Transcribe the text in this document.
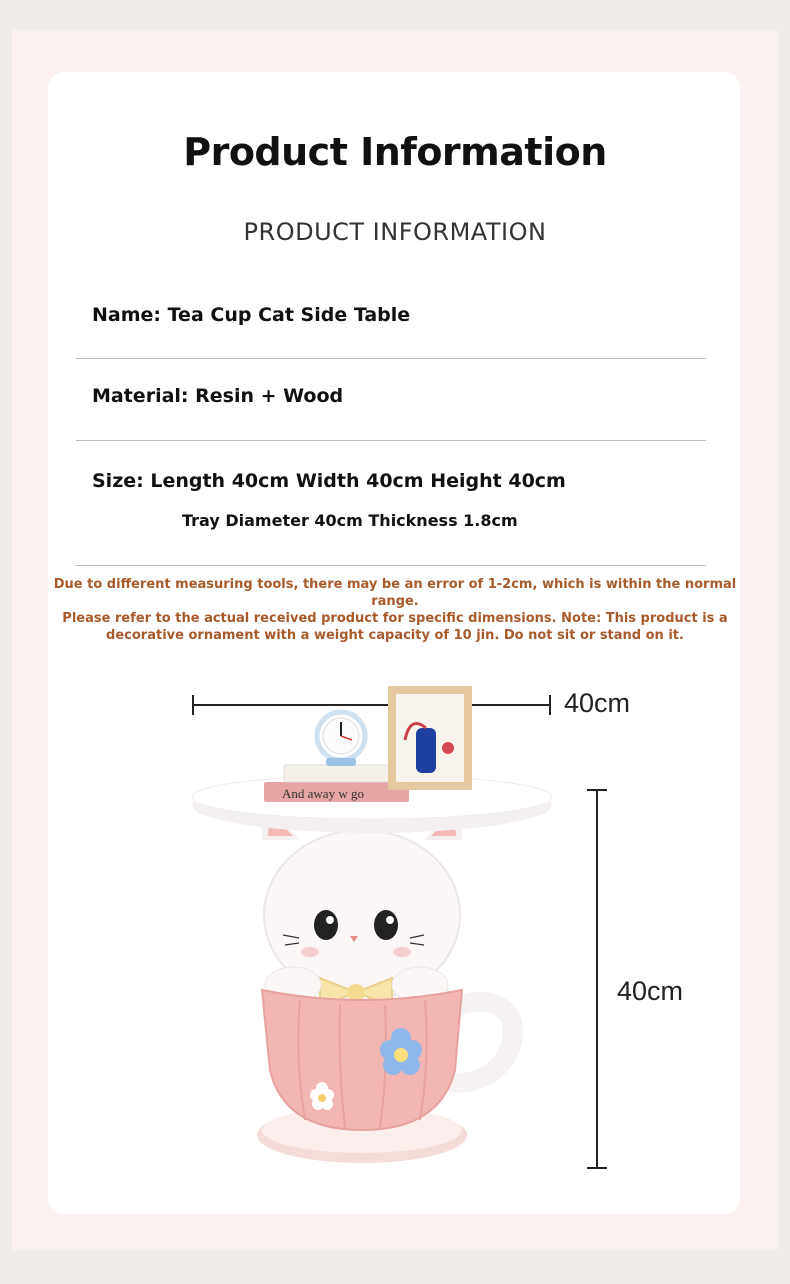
Product Information
PRODUCT INFORMATION
Name: Tea Cup Cat Side Table
Material: Resin + Wood
Size: Length 40cm Width 40cm Height 40cm
Tray Diameter 40cm Thickness 1.8cm
Due to different measuring tools, there may be an error of 1-2cm, which is within the normal range.
Please refer to the actual received product for specific dimensions. Note: This product is a
decorative ornament with a weight capacity of 10 jin. Do not sit or stand on it.
And away w go
40cm
40cm
